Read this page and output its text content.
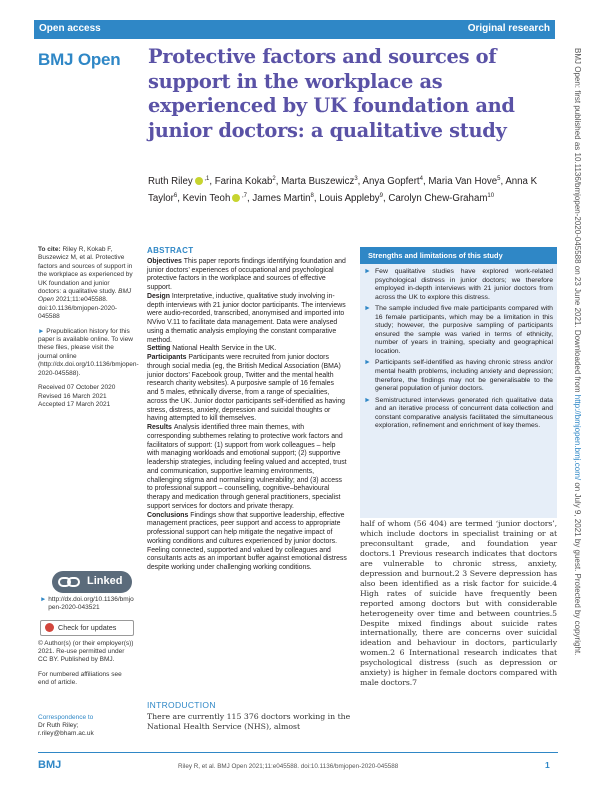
Open access	Original research
BMJ Open Protective factors and sources of support in the workplace as experienced by UK foundation and junior doctors: a qualitative study
Ruth Riley $^{,1}$, Farina Kokab$^2$, Marta Buszewicz$^3$, Anya Gopfert$^4$, Maria Van Hove$^5$, Anna K Taylor$^6$, Kevin Teoh $^{,7}$, James Martin$^8$, Louis Appleby$^9$, Carolyn Chew-Graham$^{10}$

To cite: Riley R, Kokab F, Buszewicz M, et al. Protective factors and sources of support in the workplace as experienced by UK foundation and junior doctors: a qualitative study. BMJ Open 2021;11:e045588. doi:10.1136/bmjopen-2020-045588

► Prepublication history for this paper is available online. To view these files, please visit the journal online (http://dx.doi.org/10.1136/bmjopen-2020-045588).

Received 07 October 2020

Revised 16 March 2021

Accepted 17 March 2021

Linked
► http://dx.doi.org/10.1136/bmjopen-2020-043521
Check for updates
© Author(s) (or their employer(s)) 2021. Re-use permitted under CC BY. Published by BMJ.
For numbered affiliations see end of article.
Correspondence to
Dr Ruth Riley;
r.riley@bham.ac.uk
ABSTRACT

Objectives This paper reports findings identifying foundation and junior doctors’ experiences of occupational and psychological protective factors in the workplace and sources of effective support.

Design Interpretative, inductive, qualitative study involving in-depth interviews with 21 junior doctor participants. The interviews were audio-recorded, transcribed, anonymised and imported into NVivo V.11 to facilitate data management. Data were analysed using a thematic analysis employing the constant comparative method.

Setting National Health Service in the UK.

Participants Participants were recruited from junior doctors through social media (eg, the British Medical Association (BMA) junior doctors’ Facebook group, Twitter and the mental health research charity websites). A purposive sample of 16 females and 5 males, ethnically diverse, from a range of specialities, across the UK. Junior doctor participants self-identified as having stress, distress, anxiety, depression and suicidal thoughts or having attempted to kill themselves.

Results Analysis identified three main themes, with corresponding subthemes relating to protective work factors and facilitators of support: (1) support from work colleagues – help with managing workloads and emotional support; (2) supportive leadership strategies, including feeling valued and accepted, trust and communication, supportive learning environments, challenging stigma and normalising vulnerability; and (3) access to professional support – counselling, cognitive–behavioural therapy and medication through general practitioners, specialist support services for doctors and private therapy.

Conclusions Findings show that supportive leadership, effective management practices, peer support and access to appropriate professional support can help mitigate the negative impact of working conditions and cultures experienced by junior doctors. Feeling connected, supported and valued by colleagues and consultants acts as an important buffer against emotional distress despite working under challenging working conditions.

Strengths and limitations of this study
► Few qualitative studies have explored work-related psychological distress in junior doctors; we therefore employed in-depth interviews with 21 junior doctors from across the UK to explore this distress.
► The sample included five male participants compared with 16 female participants, which may be a limitation in this study; however, the purposive sampling of participants ensured the sample was varied in terms of ethnicity, number of years in training, specialty and geographical location.
► Participants self-identified as having chronic stress and/or mental health problems, including anxiety and depression; therefore, the findings may not be generalisable to the general population of junior doctors.
► Semistructured interviews generated rich qualitative data and an iterative process of concurrent data collection and constant comparative analysis facilitated the simultaneous exploration, refinement and enrichment of key themes.
half of whom (56 404) are termed ‘junior doctors’, which include doctors in specialist training or at preconsultant grade, and foundation year doctors.1 Previous research indicates that doctors are vulnerable to chronic stress, anxiety, depression and burnout.2 3 Severe depression has also been identified as a risk factor for suicide.4 High rates of suicide have frequently been reported among doctors but with considerable heterogeneity over time and between countries.5 Despite mixed findings about suicide rates internationally, there are concerns over suicidal ideation and behaviour in doctors, particularly women.2 6 International research indicates that psychological distress (such as depression or anxiety) is higher in female doctors compared with male doctors.7
INTRODUCTION
There are currently 115 376 doctors working in the National Health Service (NHS), almost
BMJ Open: first published as 10.1136/bmjopen-2020-045588 on 23 June 2021. Downloaded from http://bmjopen.bmj.com/ on July 9, 2021 by guest. Protected by copyright.
BMJ	Riley R, et al. BMJ Open 2021;11:e045588. doi:10.1136/bmjopen-2020-045588	1
